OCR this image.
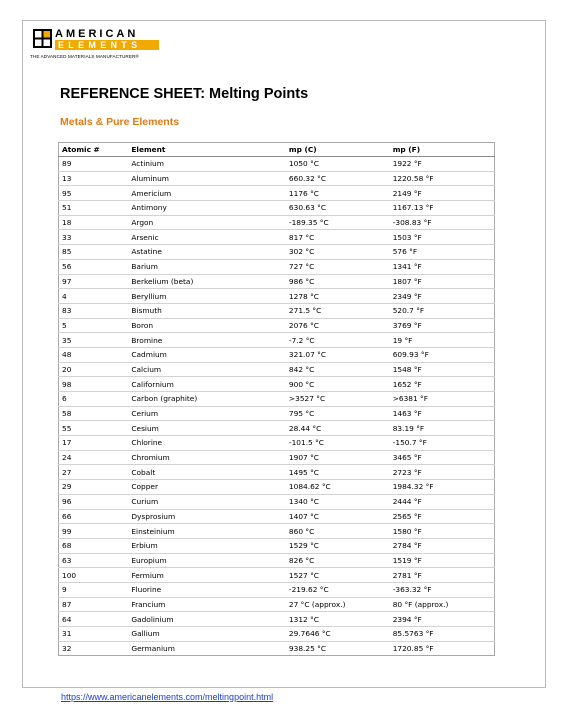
AMERICAN
ELEMENTS
THE ADVANCED MATERIALS MANUFACTURER®
REFERENCE SHEET: Melting Points
Metals & Pure Elements
Atomic #	Element	mp (C)	mp (F)
89	Actinium	1050 °C	1922 °F
13	Aluminum	660.32 °C	1220.58 °F
95	Americium	1176 °C	2149 °F
51	Antimony	630.63 °C	1167.13 °F
18	Argon	-189.35 °C	-308.83 °F
33	Arsenic	817 °C	1503 °F
85	Astatine	302 °C	576 °F
56	Barium	727 °C	1341 °F
97	Berkelium (beta)	986 °C	1807 °F
4	Beryllium	1278 °C	2349 °F
83	Bismuth	271.5 °C	520.7 °F
5	Boron	2076 °C	3769 °F
35	Bromine	-7.2 °C	19 °F
48	Cadmium	321.07 °C	609.93 °F
20	Calcium	842 °C	1548 °F
98	Californium	900 °C	1652 °F
6	Carbon (graphite)	>3527 °C	>6381 °F
58	Cerium	795 °C	1463 °F
55	Cesium	28.44 °C	83.19 °F
17	Chlorine	-101.5 °C	-150.7 °F
24	Chromium	1907 °C	3465 °F
27	Cobalt	1495 °C	2723 °F
29	Copper	1084.62 °C	1984.32 °F
96	Curium	1340 °C	2444 °F
66	Dysprosium	1407 °C	2565 °F
99	Einsteinium	860 °C	1580 °F
68	Erbium	1529 °C	2784 °F
63	Europium	826 °C	1519 °F
100	Fermium	1527 °C	2781 °F
9	Fluorine	-219.62 °C	-363.32 °F
87	Francium	27 °C (approx.)	80 °F (approx.)
64	Gadolinium	1312 °C	2394 °F
31	Gallium	29.7646 °C	85.5763 °F
32	Germanium	938.25 °C	1720.85 °F
https://www.americanelements.com/meltingpoint.html
